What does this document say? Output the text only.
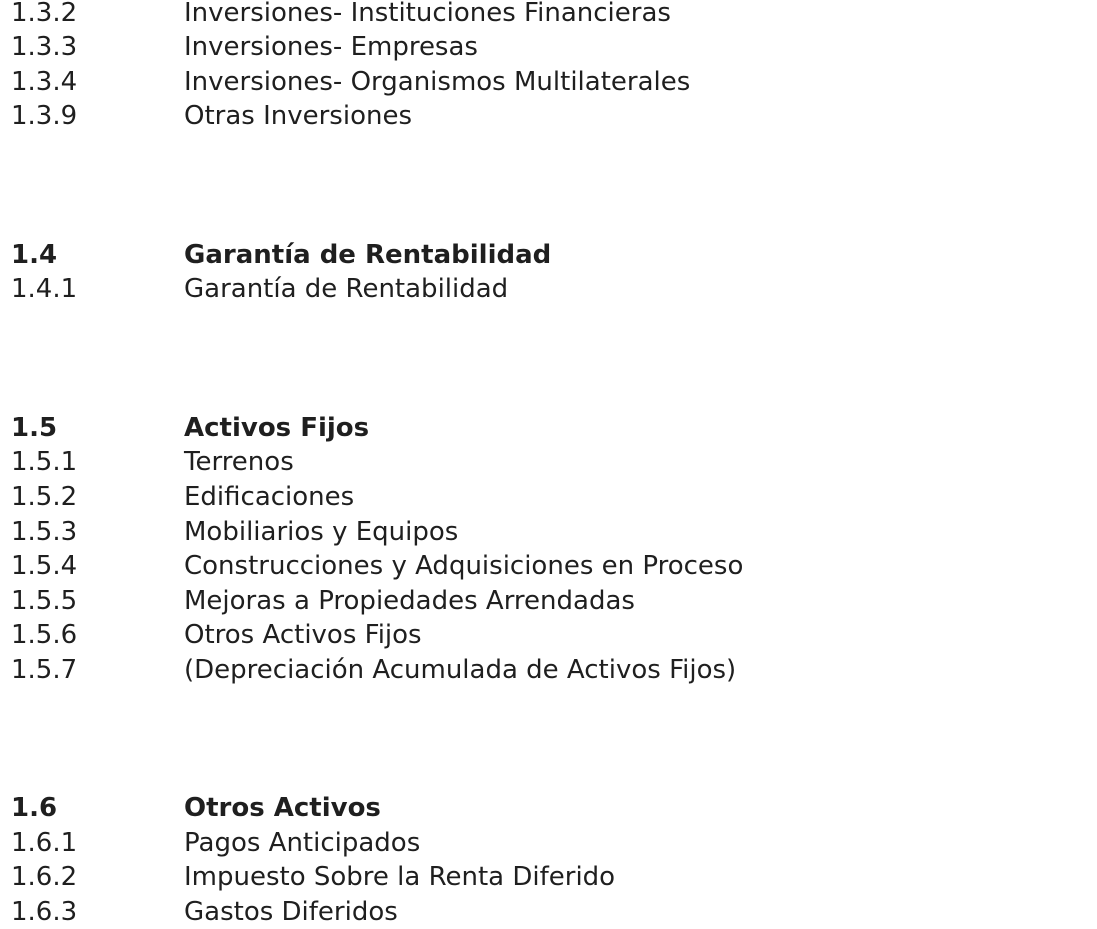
1.3.2	Inversiones- Instituciones Financieras
1.3.3	Inversiones- Empresas
1.3.4	Inversiones- Organismos Multilaterales
1.3.9	Otras Inversiones
1.4	Garantía de Rentabilidad
1.4.1	Garantía de Rentabilidad
1.5	Activos Fijos
1.5.1	Terrenos
1.5.2	Edificaciones
1.5.3	Mobiliarios y Equipos
1.5.4	Construcciones y Adquisiciones en Proceso
1.5.5	Mejoras a Propiedades Arrendadas
1.5.6	Otros Activos Fijos
1.5.7	(Depreciación Acumulada de Activos Fijos)
1.6	Otros Activos
1.6.1	Pagos Anticipados
1.6.2	Impuesto Sobre la Renta Diferido
1.6.3	Gastos Diferidos
